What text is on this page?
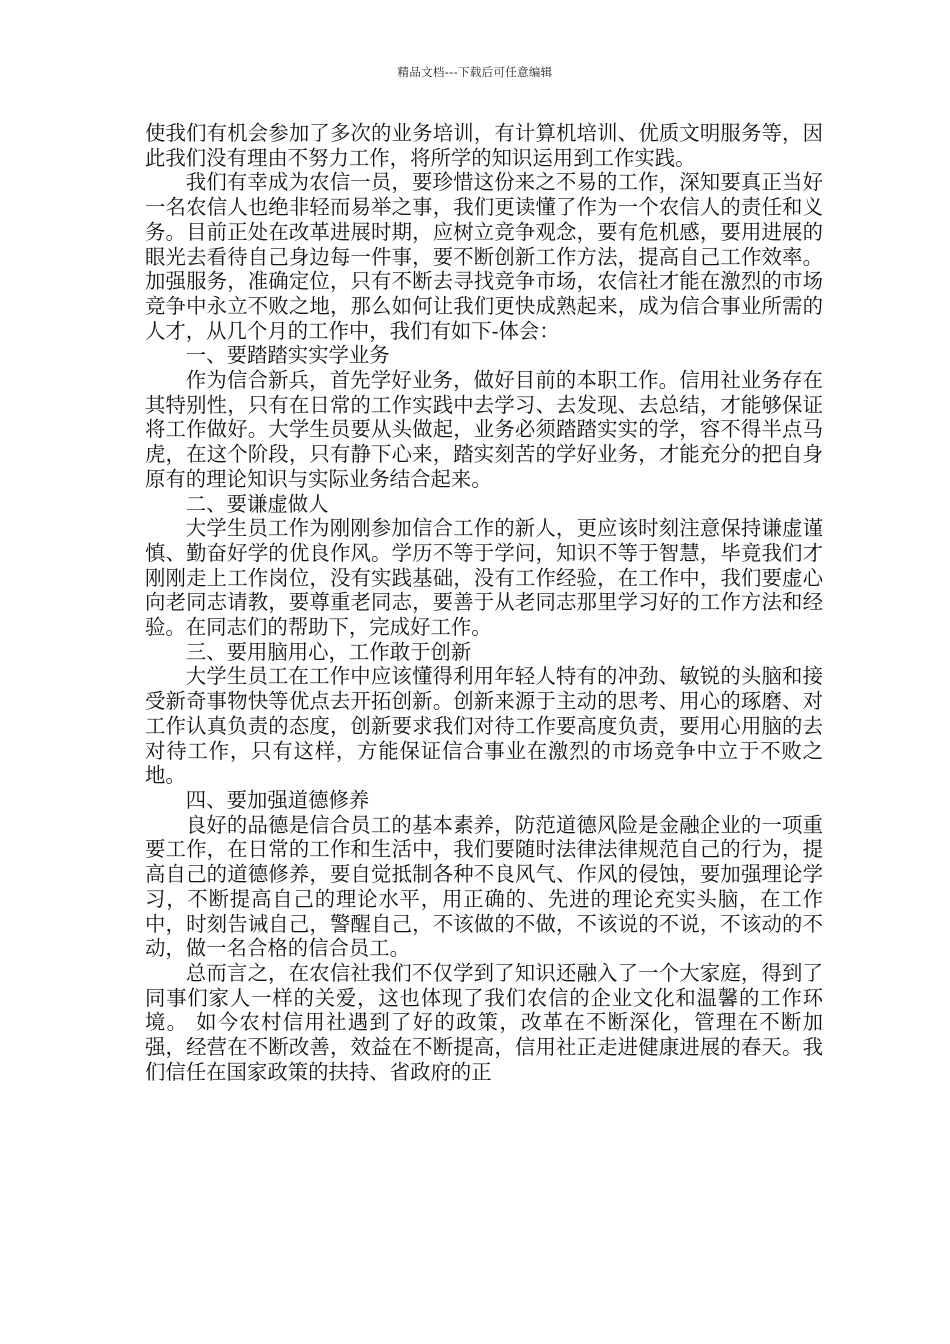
精品文档---下载后可任意编辑

使我们有机会参加了多次的业务培训，有计算机培训、优质文明服务等，因此我们没有理由不努力工作，将所学的知识运用到工作实践。

我们有幸成为农信一员，要珍惜这份来之不易的工作，深知要真正当好一名农信人也绝非轻而易举之事，我们更读懂了作为一个农信人的责任和义务。目前正处在改革进展时期，应树立竞争观念，要有危机感，要用进展的眼光去看待自己身边每一件事，要不断创新工作方法，提高自己工作效率。加强服务，准确定位，只有不断去寻找竞争市场，农信社才能在激烈的市场竞争中永立不败之地，那么如何让我们更快成熟起来，成为信合事业所需的人才，从几个月的工作中，我们有如下-体会：

一、要踏踏实实学业务

作为信合新兵，首先学好业务，做好目前的本职工作。信用社业务存在其特别性，只有在日常的工作实践中去学习、去发现、去总结，才能够保证将工作做好。大学生员要从头做起，业务必须踏踏实实的学，容不得半点马虎，在这个阶段，只有静下心来，踏实刻苦的学好业务，才能充分的把自身原有的理论知识与实际业务结合起来。

二、要谦虚做人

大学生员工作为刚刚参加信合工作的新人，更应该时刻注意保持谦虚谨慎、勤奋好学的优良作风。学历不等于学问，知识不等于智慧，毕竟我们才刚刚走上工作岗位，没有实践基础，没有工作经验，在工作中，我们要虚心向老同志请教，要尊重老同志，要善于从老同志那里学习好的工作方法和经验。在同志们的帮助下，完成好工作。

三、要用脑用心，工作敢于创新

大学生员工在工作中应该懂得利用年轻人特有的冲劲、敏锐的头脑和接受新奇事物快等优点去开拓创新。创新来源于主动的思考、用心的琢磨、对工作认真负责的态度，创新要求我们对待工作要高度负责，要用心用脑的去对待工作，只有这样，方能保证信合事业在激烈的市场竞争中立于不败之地。

四、要加强道德修养

良好的品德是信合员工的基本素养，防范道德风险是金融企业的一项重要工作，在日常的工作和生活中，我们要随时法律法律规范自己的行为，提高自己的道德修养，要自觉抵制各种不良风气、作风的侵蚀，要加强理论学习，不断提高自己的理论水平，用正确的、先进的理论充实头脑，在工作中，时刻告诫自己，警醒自己，不该做的不做，不该说的不说，不该动的不动，做一名合格的信合员工。

总而言之，在农信社我们不仅学到了知识还融入了一个大家庭，得到了同事们家人一样的关爱，这也体现了我们农信的企业文化和温馨的工作环境。 如今农村信用社遇到了好的政策，改革在不断深化，管理在不断加强，经营在不断改善，效益在不断提高，信用社正走进健康进展的春天。我们信任在国家政策的扶持、省政府的正
